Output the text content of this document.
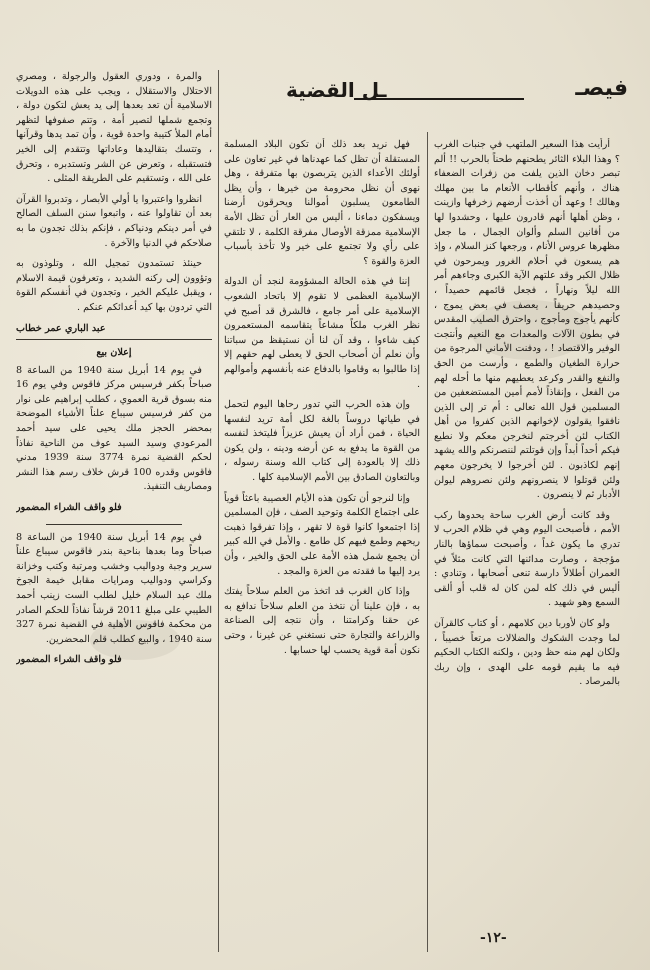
فيصـ
ـل القضية

أرأيت هذا السعير الملتهب في جنبات الغرب ؟ وهذا البلاء الثائر يطحنهم طحناً بالحرب !! ألم تبصر دخان الذين يلفت من زفرات الضعفاء هناك ، وأنهم كأقطاب الأنعام ما بين مهلك وهالك ! وعهد أن أخذت أرضهم زخرفها وازينت ، وظن أهلها أنهم قادرون عليها ، وحشدوا لها من أفانين السلم وألوان الجمال ، ما جعل مظهرها عروس الأنام ، ورجعها كنز السلام ، وإذ هم يسعون في أحلام الغرور ويمرحون في ظلال الكبر وقد علتهم الآية الكبرى وجاءهم أمر الله ليلاً ونهاراً ، فجعل قائمهم حصيداً ، وحصيدهم حريقاً ، يعصف في بعض يموج ، كأنهم يأجوج ومأجوج ، واحترق الصليب المقدس في بطون الآلات والمعدات مع النعيم وأنتجت الوفير والاقتصاد ! ، ودفنت الأماني المرجوة من حرارة الطغيان والطمع ، وأرست من الحق والنفع والقدر وكرعد يعطيهم منها ما أحله لهم من الفعل ، وإنقاذاً لأمم أمين المستضعفين من المسلمين قول الله تعالى : أم تر إلى الذين نافقوا يقولون لإخوانهم الذين كفروا من أهل الكتاب لئن أخرجتم لنخرجن معكم ولا نطيع فيكم أحداً أبداً وإن قوتلتم لننصرنكم والله يشهد إنهم لكاذبون . لئن أخرجوا لا يخرجون معهم ولئن قوتلوا لا ينصرونهم ولئن نصروهم ليولن الأدبار ثم لا ينصرون .

وقد كانت أرض الغرب ساحة يحدوها ركب الأمم ، فأصبحت اليوم وهي في ظلام الحرب لا تدري ما يكون غداً ، وأصبحت سماؤها بالنار مؤججة ، وصارت مدائنها التي كانت مثلاً في العمران أطلالاً دارسة تنعى أصحابها ، وتنادي : أليس في ذلك كله لمن كان له قلب أو ألقى السمع وهو شهيد .

ولو كان لأوربا دين كلامهم ، أو كتاب كالقرآن لما وجدت الشكوك والضلالات مرتعاً خصيباً ، ولكان لهم منه حظ ودين ، ولكنه الكتاب الحكيم فيه ما يقيم قومه على الهدى ، وإن ربك بالمرصاد .

فهل نريد بعد ذلك أن تكون البلاد المسلمة المستقلة أن تظل كما عهدناها في غير تعاون على أولئك الأعداء الذين يتربصون بها متفرقة ، وهل نهوى أن نظل محرومة من خيرها ، وأن يظل الطامعون يسلبون أموالنا ويحرقون أرضنا ويسفكون دماءنا ، أليس من العار أن تظل الأمة الإسلامية ممزقة الأوصال مفرقة الكلمة ، لا تلتقي على رأي ولا تجتمع على خير ولا تأخذ بأسباب العزة والقوة ؟

إننا في هذه الحالة المشؤومة لنجد أن الدولة الإسلامية العظمى لا تقوم إلا باتحاد الشعوب الإسلامية على أمر جامع ، فالشرق قد أصبح في نظر الغرب ملكاً مشاعاً يتقاسمه المستعمرون كيف شاءوا ، وقد آن لنا أن نستيقظ من سباتنا وأن نعلم أن أصحاب الحق لا يعطى لهم حقهم إلا إذا طالبوا به وقاموا بالدفاع عنه بأنفسهم وأموالهم .

وإن هذه الحرب التي تدور رحاها اليوم لتحمل في طياتها دروساً بالغة لكل أمة تريد لنفسها الحياة ، فمن أراد أن يعيش عزيزاً فليتخذ لنفسه من القوة ما يدفع به عن أرضه ودينه ، ولن يكون ذلك إلا بالعودة إلى كتاب الله وسنة رسوله ، وبالتعاون الصادق بين الأمم الإسلامية كلها .

وإنا لنرجو أن تكون هذه الأيام العصيبة باعثاً قوياً على اجتماع الكلمة وتوحيد الصف ، فإن المسلمين إذا اجتمعوا كانوا قوة لا تقهر ، وإذا تفرقوا ذهبت ريحهم وطمع فيهم كل طامع . والأمل في الله كبير أن يجمع شمل هذه الأمة على الحق والخير ، وأن يرد إليها ما فقدته من العزة والمجد .

وإذا كان الغرب قد اتخذ من العلم سلاحاً يفتك به ، فإن علينا أن نتخذ من العلم سلاحاً ندافع به عن حقنا وكرامتنا ، وأن نتجه إلى الصناعة والزراعة والتجارة حتى نستغني عن غيرنا ، وحتى نكون أمة قوية يحسب لها حسابها .

والمرة ، ودوري العقول والرجولة ، ومصري الاحتلال والاستقلال ، ويجب على هذه الدويلات الاسلامية أن تعد بعدها إلى يد يعش لتكون دولة ، وتجمع شملها لتصير أمة ، وتتم صفوفها لتظهر أمام الملأ كتيبة واحدة قوية ، وأن تمد يدها وقرآنها ، وتتسك بتقاليدها وعاداتها وتتقدم إلى الخير فتستقبله ، وتعرض عن الشر وتستدبره ، وتحرق على الله ، وتستقيم على الطريقة المثلى .

انظروا واعتبروا يا أولي الأبصار ، وتدبروا القرآن بعد أن تقاولوا عنه ، واتبعوا سنن السلف الصالح في أمر دينكم ودنياكم ، فإنكم بذلك تجدون ما به صلاحكم في الدنيا والآخرة .

حينئذ تستمدون تمجيل الله ، وتلوذون به وتؤوون إلى ركنه الشديد ، وتعرفون قيمة الاسلام ، ويقبل عليكم الخير ، وتجدون في أنفسكم القوة التي تردون بها كيد أعدائكم عنكم .

عبد الباري عمر خطاب
إعلان بيع

في يوم 14 أبريل سنة 1940 من الساعة 8 صباحاً بكفر فرسيس مركز فاقوس وفي يوم 16 منه بسوق قرية العموي ، كطلب إبراهيم على نوار من كفر فرسيس سيباع علناً الأشياء الموضحة بمحضر الحجز ملك يحيى على سيد أحمد المرعودي وسيد السيد عوف من الناحية نفاذاً لحكم القضية نمرة 3774 سنة 1939 مدني فاقوس وقدره 100 قرش خلاف رسم هذا النشر ومصاريف التنفيذ.

فلو واقف الشراء المضمور

في يوم 14 أبريل سنة 1940 من الساعة 8 صباحاً وما بعدها بناحية بندر فاقوس سيباع علناً سرير وجبة ودواليب وخشب ومرتبة وكتب وخزانة وكراسي ودواليب ومرايات مقابل خيمة الجوخ ملك عبد السلام خليل لطلب الست زينب أحمد الطيبي على مبلغ 2011 قرشاً نفاذاً للحكم الصادر من محكمة فاقوس الأهلية في القضية نمرة 327 سنة 1940 ، والبيع كطلب قلم المحضرين.

فلو واقف الشراء المضمور
-١٢-
